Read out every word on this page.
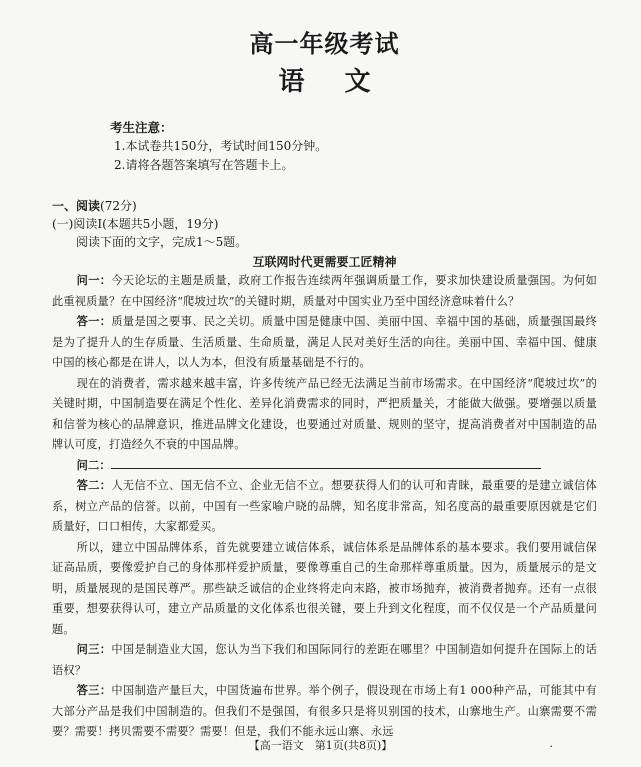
高一年级考试
语文
考生注意：
1.本试卷共150分，考试时间150分钟。
2.请将各题答案填写在答题卡上。
一、阅读(72分)
(一)阅读Ⅰ(本题共5小题，19分)
阅读下面的文字，完成1～5题。
互联网时代更需要工匠精神

问一：今天论坛的主题是质量，政府工作报告连续两年强调质量工作，要求加快建设质量强国。为何如此重视质量？在中国经济“爬坡过坎”的关键时期，质量对中国实业乃至中国经济意味着什么？

答一：质量是国之要事、民之关切。质量中国是健康中国、美丽中国、幸福中国的基础，质量强国最终是为了提升人的生存质量、生活质量、生命质量，满足人民对美好生活的向往。美丽中国、幸福中国、健康中国的核心都是在讲人，以人为本，但没有质量基础是不行的。

现在的消费者，需求越来越丰富，许多传统产品已经无法满足当前市场需求。在中国经济“爬坡过坎”的关键时期，中国制造要在满足个性化、差异化消费需求的同时，严把质量关，才能做大做强。要增强以质量和信誉为核心的品牌意识，推进品牌文化建设，也要通过对质量、规则的坚守，提高消费者对中国制造的品牌认可度，打造经久不衰的中国品牌。

问二：

答二：人无信不立、国无信不立、企业无信不立。想要获得人们的认可和青睐，最重要的是建立诚信体系，树立产品的信誉。以前，中国有一些家喻户晓的品牌，知名度非常高，知名度高的最重要原因就是它们质量好，口口相传，大家都爱买。

所以，建立中国品牌体系，首先就要建立诚信体系，诚信体系是品牌体系的基本要求。我们要用诚信保证高品质，要像爱护自己的身体那样爱护质量，要像尊重自己的生命那样尊重质量。因为，质量展示的是文明，质量展现的是国民尊严。那些缺乏诚信的企业终将走向末路，被市场抛弃，被消费者抛弃。还有一点很重要，想要获得认可，建立产品质量的文化体系也很关键，要上升到文化程度，而不仅仅是一个产品质量问题。

问三：中国是制造业大国，您认为当下我们和国际同行的差距在哪里？中国制造如何提升在国际上的话语权？

答三：中国制造产量巨大，中国货遍布世界。举个例子，假设现在市场上有1 000种产品，可能其中有大部分产品是我们中国制造的。但我们不是强国，有很多只是将贝别国的技术，山寨地生产。山寨需要不需要？需要！拷贝需要不需要？需要！但是，我们不能永远山寨、永远

【高一语文　第1页(共8页)】	·
